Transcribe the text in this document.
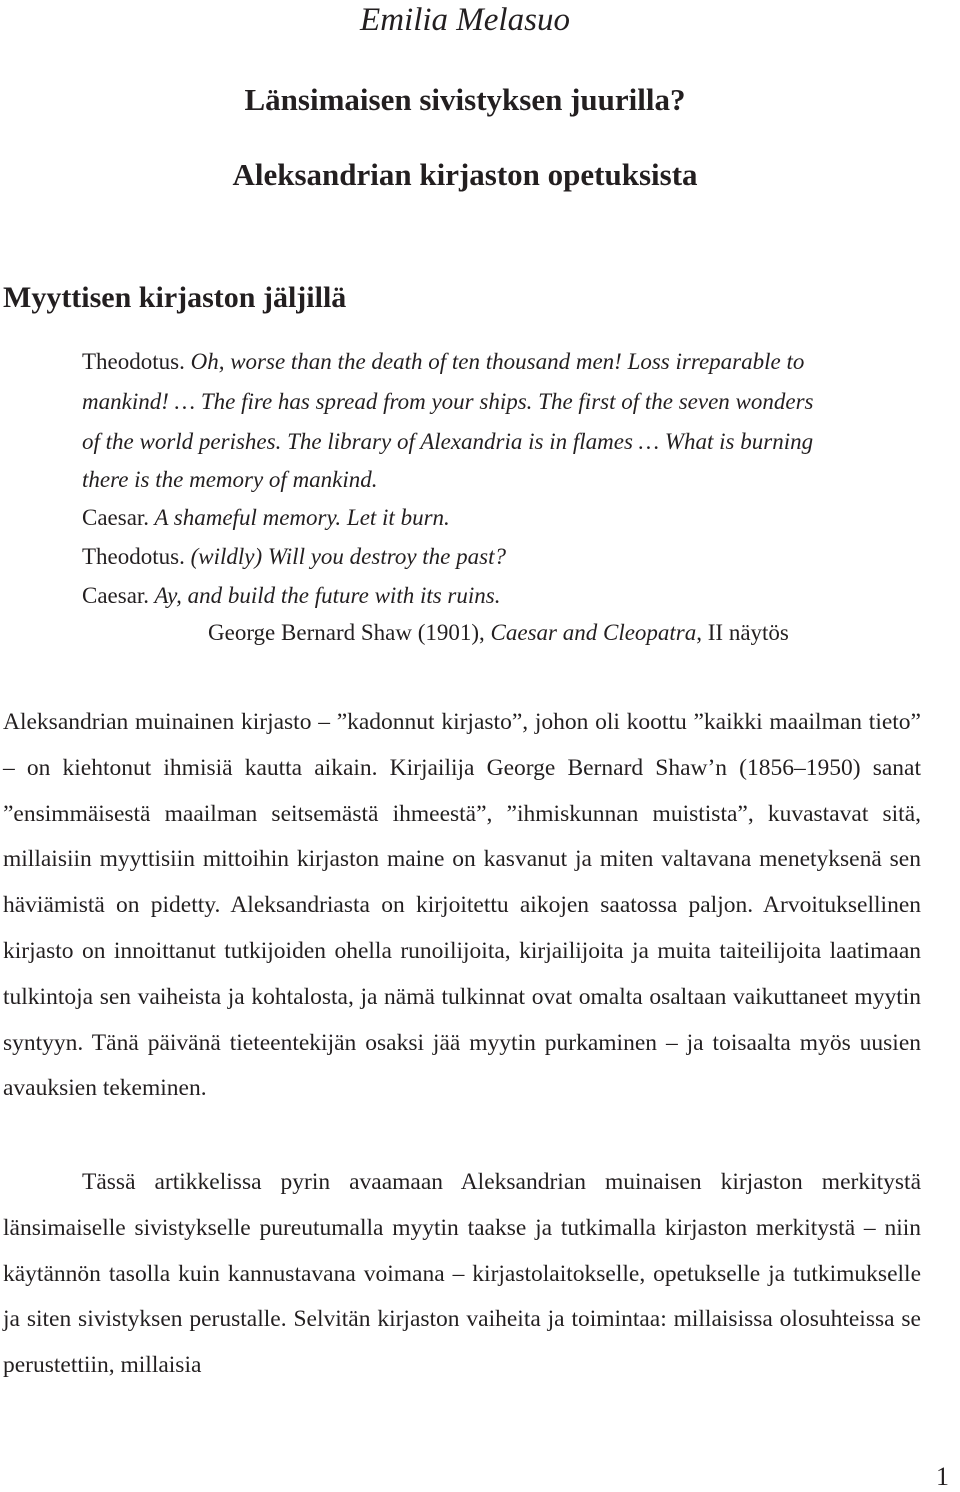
Emilia Melasuo
Länsimaisen sivistyksen juurilla?
Aleksandrian kirjaston opetuksista
Myyttisen kirjaston jäljillä
Theodotus. Oh, worse than the death of ten thousand men! Loss irreparable to
mankind! … The fire has spread from your ships. The first of the seven wonders
of the world perishes. The library of Alexandria is in flames … What is burning
there is the memory of mankind.
Caesar. A shameful memory. Let it burn.
Theodotus. (wildly) Will you destroy the past?
Caesar. Ay, and build the future with its ruins.
George Bernard Shaw (1901), Caesar and Cleopatra, II näytös

Aleksandrian muinainen kirjasto – ”kadonnut kirjasto”, johon oli koottu ”kaikki maailman tieto” – on kiehtonut ihmisiä kautta aikain. Kirjailija George Bernard Shaw’n (1856–1950) sanat ”ensimmäisestä maailman seitsemästä ihmeestä”, ”ihmiskunnan muistista”, kuvastavat sitä, millaisiin myyttisiin mittoihin kirjaston maine on kasvanut ja miten valtavana menetyksenä sen häviämistä on pidetty. Aleksandriasta on kirjoitettu aikojen saatossa paljon. Arvoituksellinen kirjasto on innoittanut tutkijoiden ohella runoilijoita, kirjailijoita ja muita taiteilijoita laatimaan tulkintoja sen vaiheista ja kohtalosta, ja nämä tulkinnat ovat omalta osaltaan vaikuttaneet myytin syntyyn. Tänä päivänä tieteentekijän osaksi jää myytin purkaminen – ja toisaalta myös uusien avauksien tekeminen.

Tässä artikkelissa pyrin avaamaan Aleksandrian muinaisen kirjaston merkitystä länsimaiselle sivistykselle pureutumalla myytin taakse ja tutkimalla kirjaston merkitystä – niin käytännön tasolla kuin kannustavana voimana – kirjastolaitokselle, opetukselle ja tutkimukselle ja siten sivistyksen perustalle. Selvitän kirjaston vaiheita ja toimintaa: millaisissa olosuhteissa se perustettiin, millaisia

1
